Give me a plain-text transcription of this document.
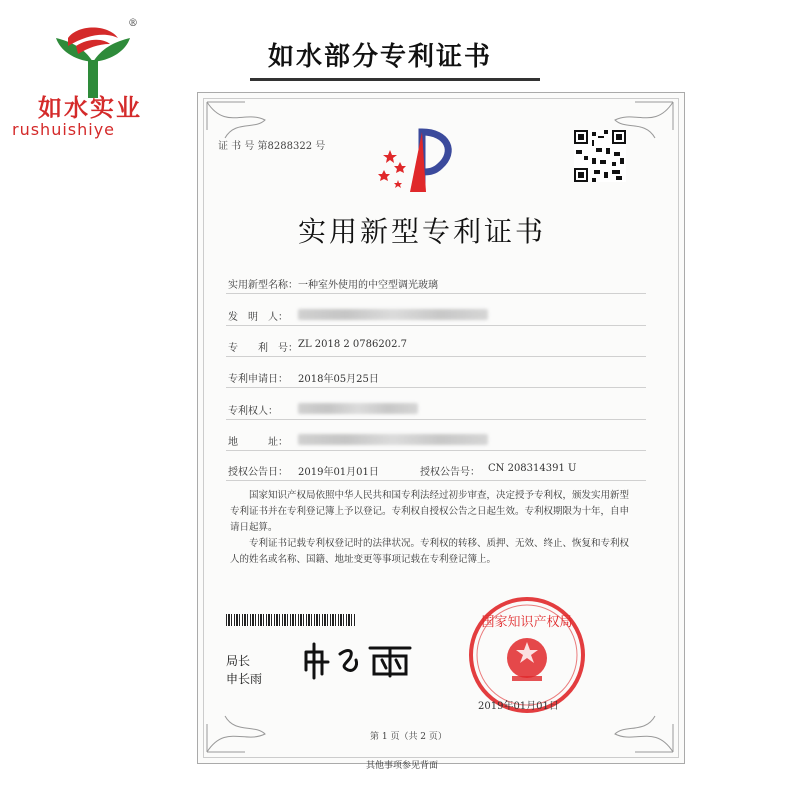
®
如水实业
rushuishiye
如水部分专利证书
证 书 号 第8288322 号
实用新型专利证书
实用新型名称： 一种室外使用的中空型调光玻璃
发　明　人：
专　　利　号： ZL 2018 2 0786202.7
专利申请日： 2018年05月25日
专利权人：
地　　　址：
授权公告日： 2019年01月01日	授权公告号： CN 208314391 U
国家知识产权局依照中华人民共和国专利法经过初步审查，决定授予专利权，颁发实用新型专利证书并在专利登记簿上予以登记。专利权自授权公告之日起生效。专利权期限为十年，自申请日起算。
专利证书记载专利权登记时的法律状况。专利权的转移、质押、无效、终止、恢复和专利权人的姓名或名称、国籍、地址变更等事项记载在专利登记簿上。
局长
申长雨
国家知识产权局
2019年01月01日
第 1 页（共 2 页）
其他事项参见背面
